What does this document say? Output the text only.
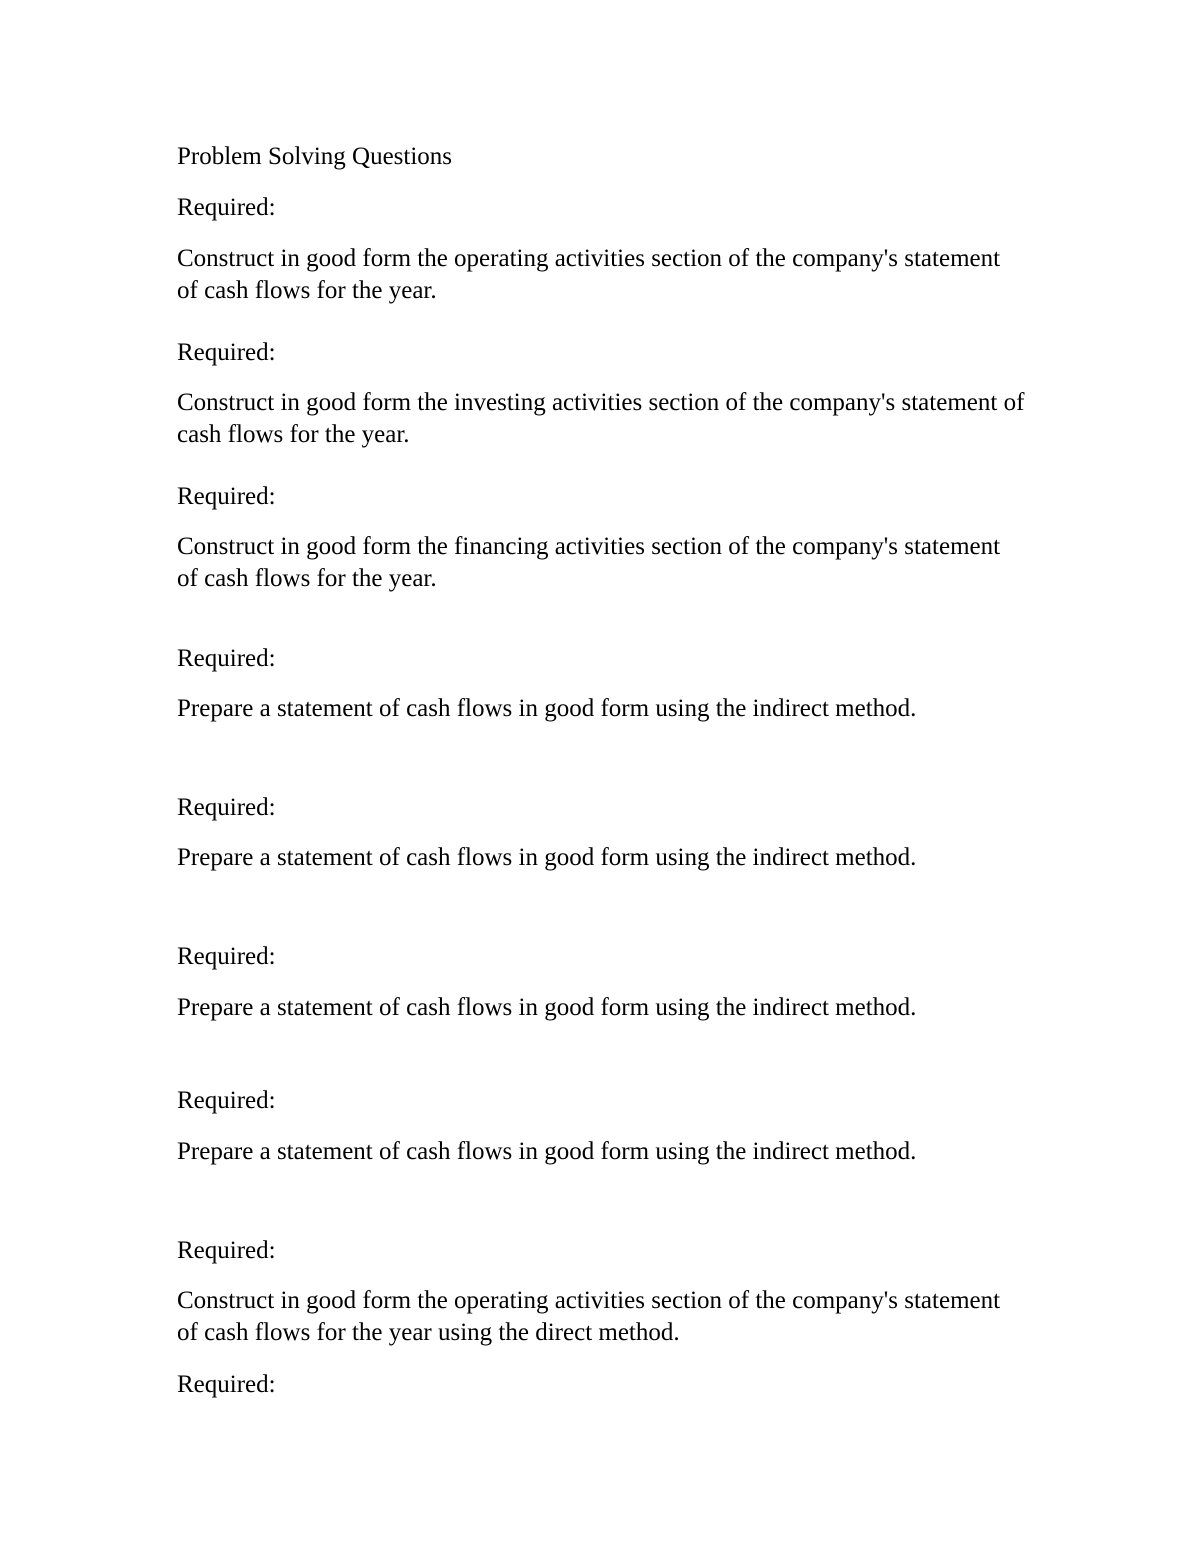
Problem Solving Questions

Required:

Construct in good form the operating activities section of the company's statement of cash flows for the year.

Required:

Construct in good form the investing activities section of the company's statement of cash flows for the year.

Required:

Construct in good form the financing activities section of the company's statement of cash flows for the year.

Required:

Prepare a statement of cash flows in good form using the indirect method.

Required:

Prepare a statement of cash flows in good form using the indirect method.

Required:

Prepare a statement of cash flows in good form using the indirect method.

Required:

Prepare a statement of cash flows in good form using the indirect method.

Required:

Construct in good form the operating activities section of the company's statement of cash flows for the year using the direct method.

Required:
